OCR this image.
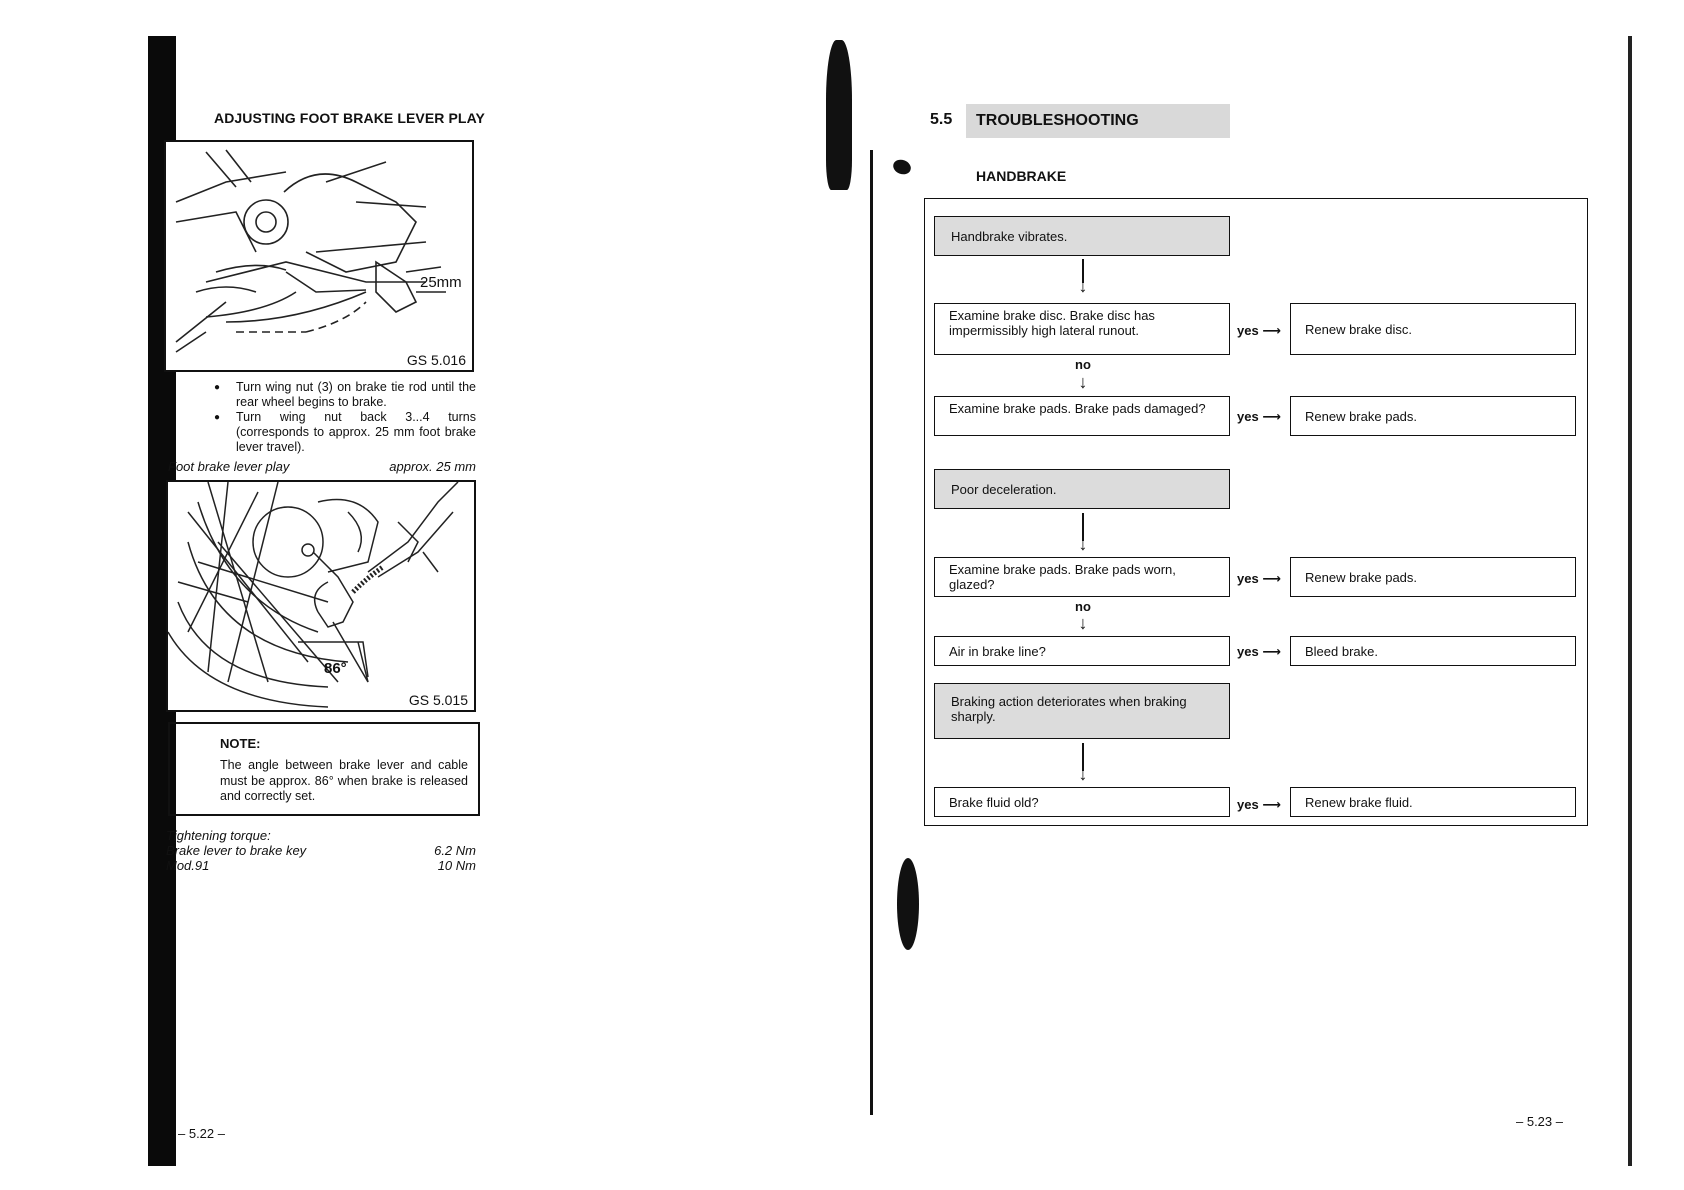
ADJUSTING FOOT BRAKE LEVER PLAY
25mm
GS 5.016
● Turn wing nut (3) on brake tie rod until the rear wheel begins to brake.
● Turn wing nut back 3...4 turns (corresponds to approx. 25 mm foot brake lever travel).
Foot brake lever play	approx. 25 mm
86°
GS 5.015
NOTE:
The angle between brake lever and cable must be approx. 86° when brake is released and correctly set.
Tightening torque:
Brake lever to brake key	6.2 Nm
Mod.91	10 Nm
– 5.22 –
5.5	TROUBLESHOOTING
HANDBRAKE
Handbrake vibrates.
↓
Examine brake disc. Brake disc has impermissibly high lateral runout.	yes ⟶ Renew brake disc.
no
↓
Examine brake pads. Brake pads damaged?
yes ⟶ Renew brake pads.
Poor deceleration.
↓
Examine brake pads. Brake pads worn, glazed?	yes ⟶ Renew brake pads.
no
↓
Air in brake line?	yes ⟶ Bleed brake.
Braking action deteriorates when braking sharply.
↓
Brake fluid old?	yes ⟶ Renew brake fluid.
– 5.23 –
